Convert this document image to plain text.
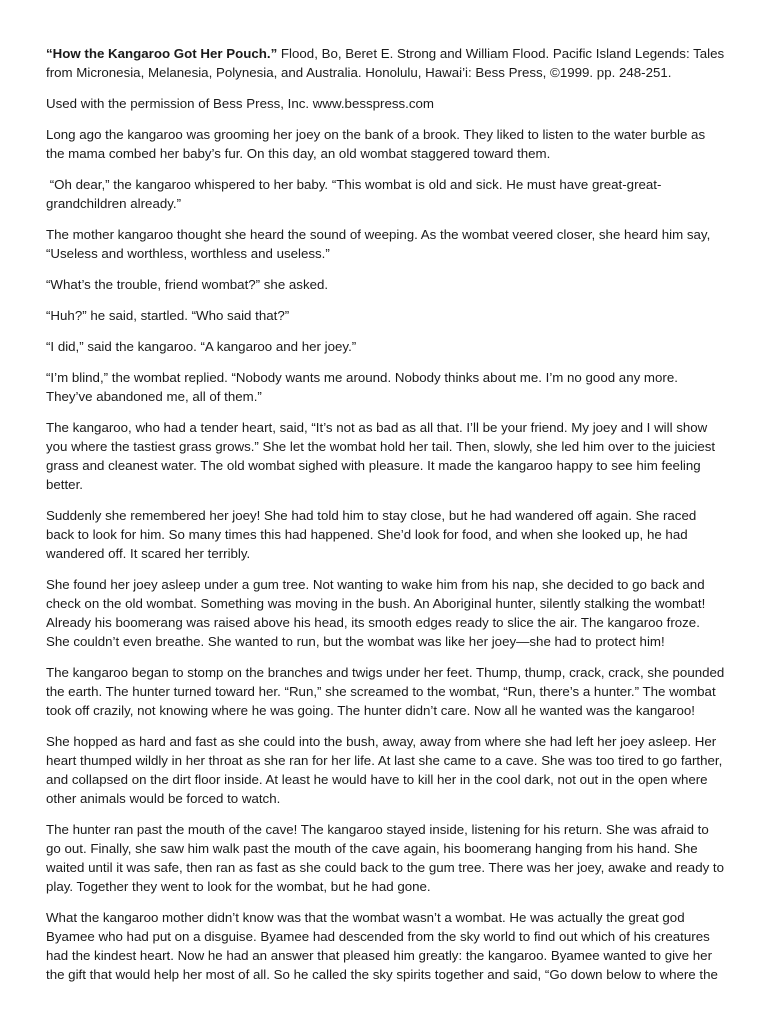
“How the Kangaroo Got Her Pouch.” Flood, Bo, Beret E. Strong and William Flood. Pacific Island Legends: Tales from Micronesia, Melanesia, Polynesia, and Australia. Honolulu, Hawai’i: Bess Press, ©1999. pp. 248-251.

Used with the permission of Bess Press, Inc. www.besspress.com

Long ago the kangaroo was grooming her joey on the bank of a brook. They liked to listen to the water burble as the mama combed her baby’s fur. On this day, an old wombat staggered toward them.

“Oh dear,” the kangaroo whispered to her baby. “This wombat is old and sick. He must have great-great-grandchildren already.”

The mother kangaroo thought she heard the sound of weeping. As the wombat veered closer, she heard him say, “Useless and worthless, worthless and useless.”

“What’s the trouble, friend wombat?” she asked.

“Huh?” he said, startled. “Who said that?”

“I did,” said the kangaroo. “A kangaroo and her joey.”

“I’m blind,” the wombat replied. “Nobody wants me around. Nobody thinks about me. I’m no good any more. They’ve abandoned me, all of them.”

The kangaroo, who had a tender heart, said, “It’s not as bad as all that. I’ll be your friend. My joey and I will show you where the tastiest grass grows.” She let the wombat hold her tail. Then, slowly, she led him over to the juiciest grass and cleanest water. The old wombat sighed with pleasure. It made the kangaroo happy to see him feeling better.

Suddenly she remembered her joey! She had told him to stay close, but he had wandered off again. She raced back to look for him. So many times this had happened. She’d look for food, and when she looked up, he had wandered off. It scared her terribly.

She found her joey asleep under a gum tree. Not wanting to wake him from his nap, she decided to go back and check on the old wombat. Something was moving in the bush. An Aboriginal hunter, silently stalking the wombat! Already his boomerang was raised above his head, its smooth edges ready to slice the air. The kangaroo froze. She couldn’t even breathe. She wanted to run, but the wombat was like her joey—she had to protect him!

The kangaroo began to stomp on the branches and twigs under her feet. Thump, thump, crack, crack, she pounded the earth. The hunter turned toward her. “Run,” she screamed to the wombat, “Run, there’s a hunter.” The wombat took off crazily, not knowing where he was going. The hunter didn’t care. Now all he wanted was the kangaroo!

She hopped as hard and fast as she could into the bush, away, away from where she had left her joey asleep. Her heart thumped wildly in her throat as she ran for her life. At last she came to a cave. She was too tired to go farther, and collapsed on the dirt floor inside. At least he would have to kill her in the cool dark, not out in the open where other animals would be forced to watch.

The hunter ran past the mouth of the cave! The kangaroo stayed inside, listening for his return. She was afraid to go out. Finally, she saw him walk past the mouth of the cave again, his boomerang hanging from his hand. She waited until it was safe, then ran as fast as she could back to the gum tree. There was her joey, awake and ready to play. Together they went to look for the wombat, but he had gone.

What the kangaroo mother didn’t know was that the wombat wasn’t a wombat. He was actually the great god Byamee who had put on a disguise. Byamee had descended from the sky world to find out which of his creatures had the kindest heart. Now he had an answer that pleased him greatly: the kangaroo. Byamee wanted to give her the gift that would help her most of all. So he called the sky spirits together and said, “Go down below to where the
